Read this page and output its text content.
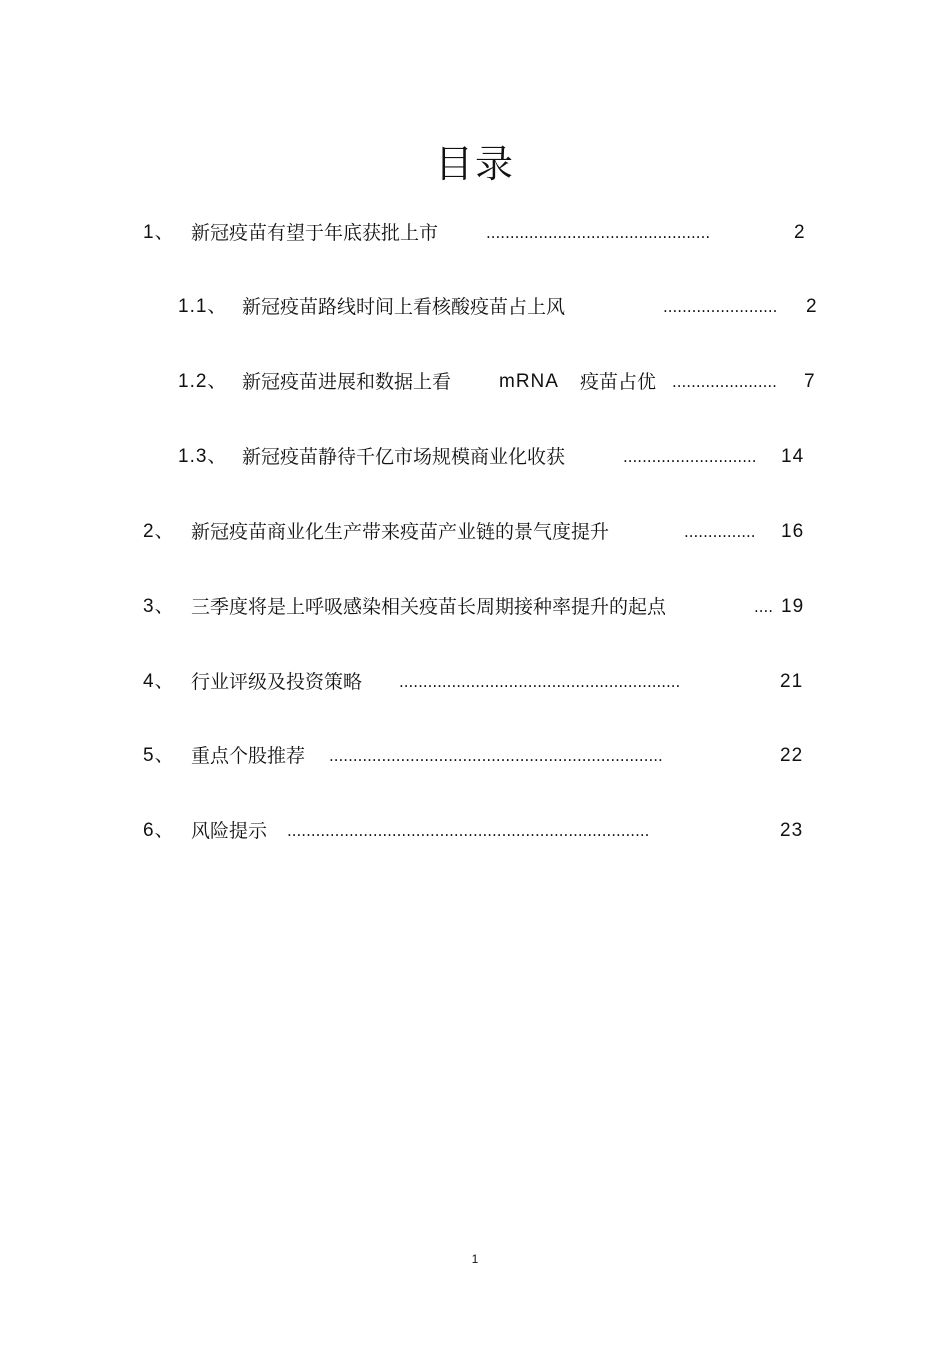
目录
1、 新冠疫苗有望于年底获批上市	...............................................	2
1.1、 新冠疫苗路线时间上看核酸疫苗占上风	........................ 2
1.2、 新冠疫苗进展和数据上看	mRNA 疫苗占优 ...................... 7
1.3、 新冠疫苗静待千亿市场规模商业化收获	............................ 14
2、 新冠疫苗商业化生产带来疫苗产业链的景气度提升	............... 16
3、 三季度将是上呼吸感染相关疫苗长周期接种率提升的起点	.... 19
4、 行业评级及投资策略 ...........................................................	21
5、 重点个股推荐 ......................................................................	22
6、 风险提示 ............................................................................	23
1
